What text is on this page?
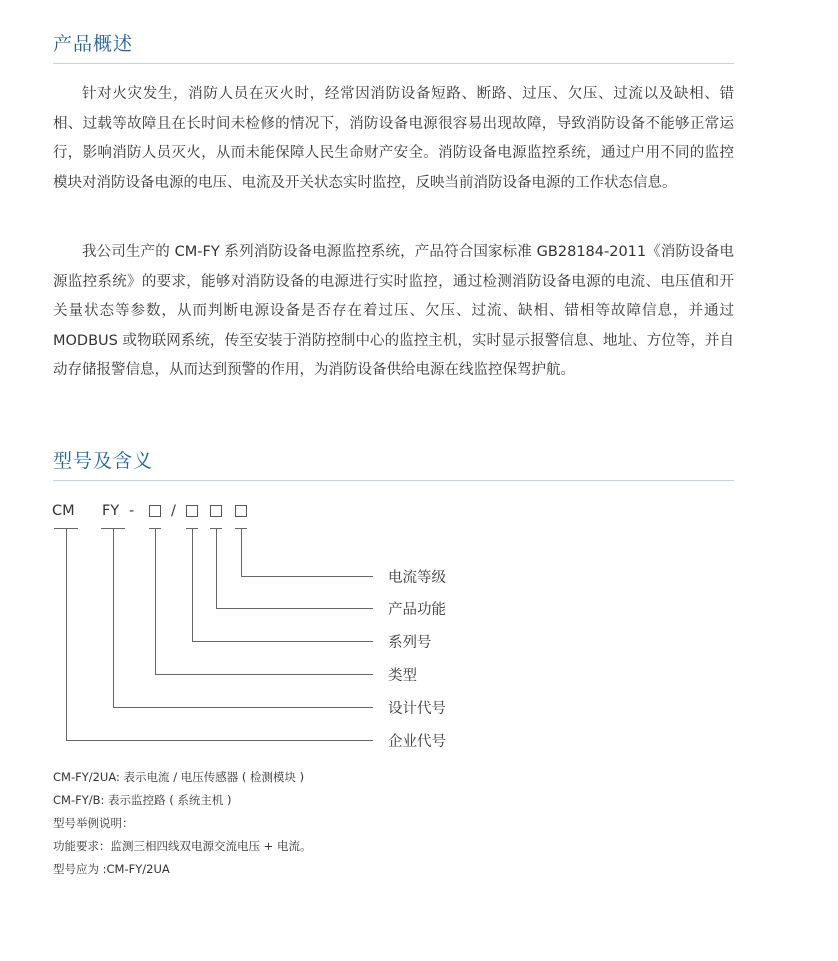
产品概述

针对火灾发生，消防人员在灭火时，经常因消防设备短路、断路、过压、欠压、过流以及缺相、错相、过载等故障且在长时间未检修的情况下，消防设备电源很容易出现故障，导致消防设备不能够正常运行，影响消防人员灭火，从而未能保障人民生命财产安全。消防设备电源监控系统，通过户用不同的监控模块对消防设备电源的电压、电流及开关状态实时监控，反映当前消防设备电源的工作状态信息。

我公司生产的 CM-FY 系列消防设备电源监控系统，产品符合国家标准 GB28184-2011《消防设备电源监控系统》的要求，能够对消防设备的电源进行实时监控，通过检测消防设备电源的电流、电压值和开关量状态等参数，从而判断电源设备是否存在着过压、欠压、过流、缺相、错相等故障信息，并通过 MODBUS 或物联网系统，传至安装于消防控制中心的监控主机，实时显示报警信息、地址、方位等，并自动存储报警信息，从而达到预警的作用，为消防设备供给电源在线监控保驾护航。

型号及含义
CM FY -	/
电流等级
产品功能
系列号
类型
设计代号
企业代号
CM-FY/2UA: 表示电流 / 电压传感器 ( 检测模块 )
CM-FY/B: 表示监控路 ( 系统主机 )
型号举例说明：
功能要求：监测三相四线双电源交流电压 + 电流。
型号应为 :CM-FY/2UA
